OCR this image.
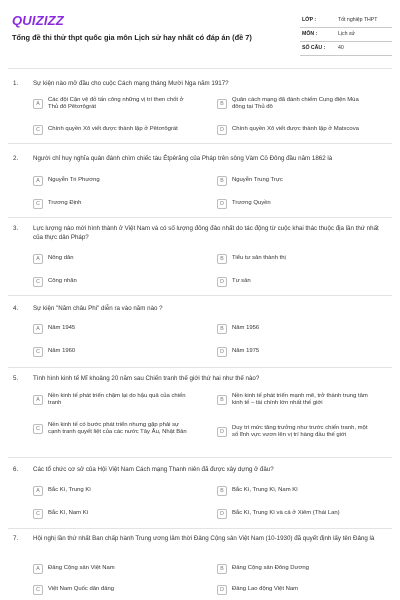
QUIZIZZ
Tổng đề thi thử thpt quốc gia môn Lịch sử hay nhất có đáp án (đề 7)
LỚP :	Tốt nghiệp THPT
MÔN :	Lịch sử
SỐ CÂU : 40
1. Sự kiện nào mở đầu cho cuộc Cách mạng tháng Mười Nga năm 1917?
A
Các đội Cận vệ đỏ tấn công những vị trí then chốt ở Thủ đô Pêtơrôgrát
B
Quân cách mạng đã đánh chiếm Cung điện Mùa đông tại Thủ đô
C	Chính quyền Xô viết được thành lập ở Pêtơrôgrát	D	Chính quyền Xô viết được thành lập ở Matxcova
2. Người chỉ huy nghĩa quân đánh chìm chiếc tàu Étpêrăng của Pháp trên sông Vàm Cỏ Đông đầu năm 1862 là
A	Nguyễn Tri Phương	B	Nguyễn Trung Trực
C	Trương Định	D	Trương Quyền
3. Lực lượng nào mới hình thành ở Việt Nam và có số lượng đông đảo nhất do tác động từ cuộc khai thác thuộc địa lần thứ nhất của thực dân Pháp?
A	Nông dân	B	Tiểu tư sản thành thị
C	Công nhân	D	Tư sản
4. Sự kiện "Năm châu Phi" diễn ra vào năm nào ?
A	Năm 1945	B	Năm 1956
C	Năm 1960	D	Năm 1975
5. Tình hình kinh tế Mĩ khoảng 20 năm sau Chiến tranh thế giới thứ hai như thế nào?
A
Nền kinh tế phát triển chậm lại do hậu quả của chiến tranh
B
Nền kinh tế phát triển mạnh mẽ, trở thành trung tâm kinh tế – tài chính lớn nhất thế giới
C
Nền kinh tế có bước phát triển nhưng gặp phải sự cạnh tranh quyết liệt của các nước Tây Âu, Nhật Bản	D
Duy trì mức tăng trưởng như trước chiến tranh, một số lĩnh vực vươn lên vị trí hàng đầu thế giới
6. Các tổ chức cơ sở của Hội Việt Nam Cách mạng Thanh niên đã được xây dựng ở đâu?
A	Bắc Kì, Trung Kì	B	Bắc Kì, Trung Kì, Nam Kì
C	Bắc Kì, Nam Kì	D	Bắc Kì, Trung Kì và cả ở Xiêm (Thái Lan)
7. Hội nghị lần thứ nhất Ban chấp hành Trung ương lâm thời Đảng Cộng sản Việt Nam (10-1930) đã quyết định lấy tên Đảng là
A	Đảng Cộng sản Việt Nam	B	Đảng Cộng sản Đông Dương
C	Việt Nam Quốc dân đảng	D	Đảng Lao động Việt Nam
